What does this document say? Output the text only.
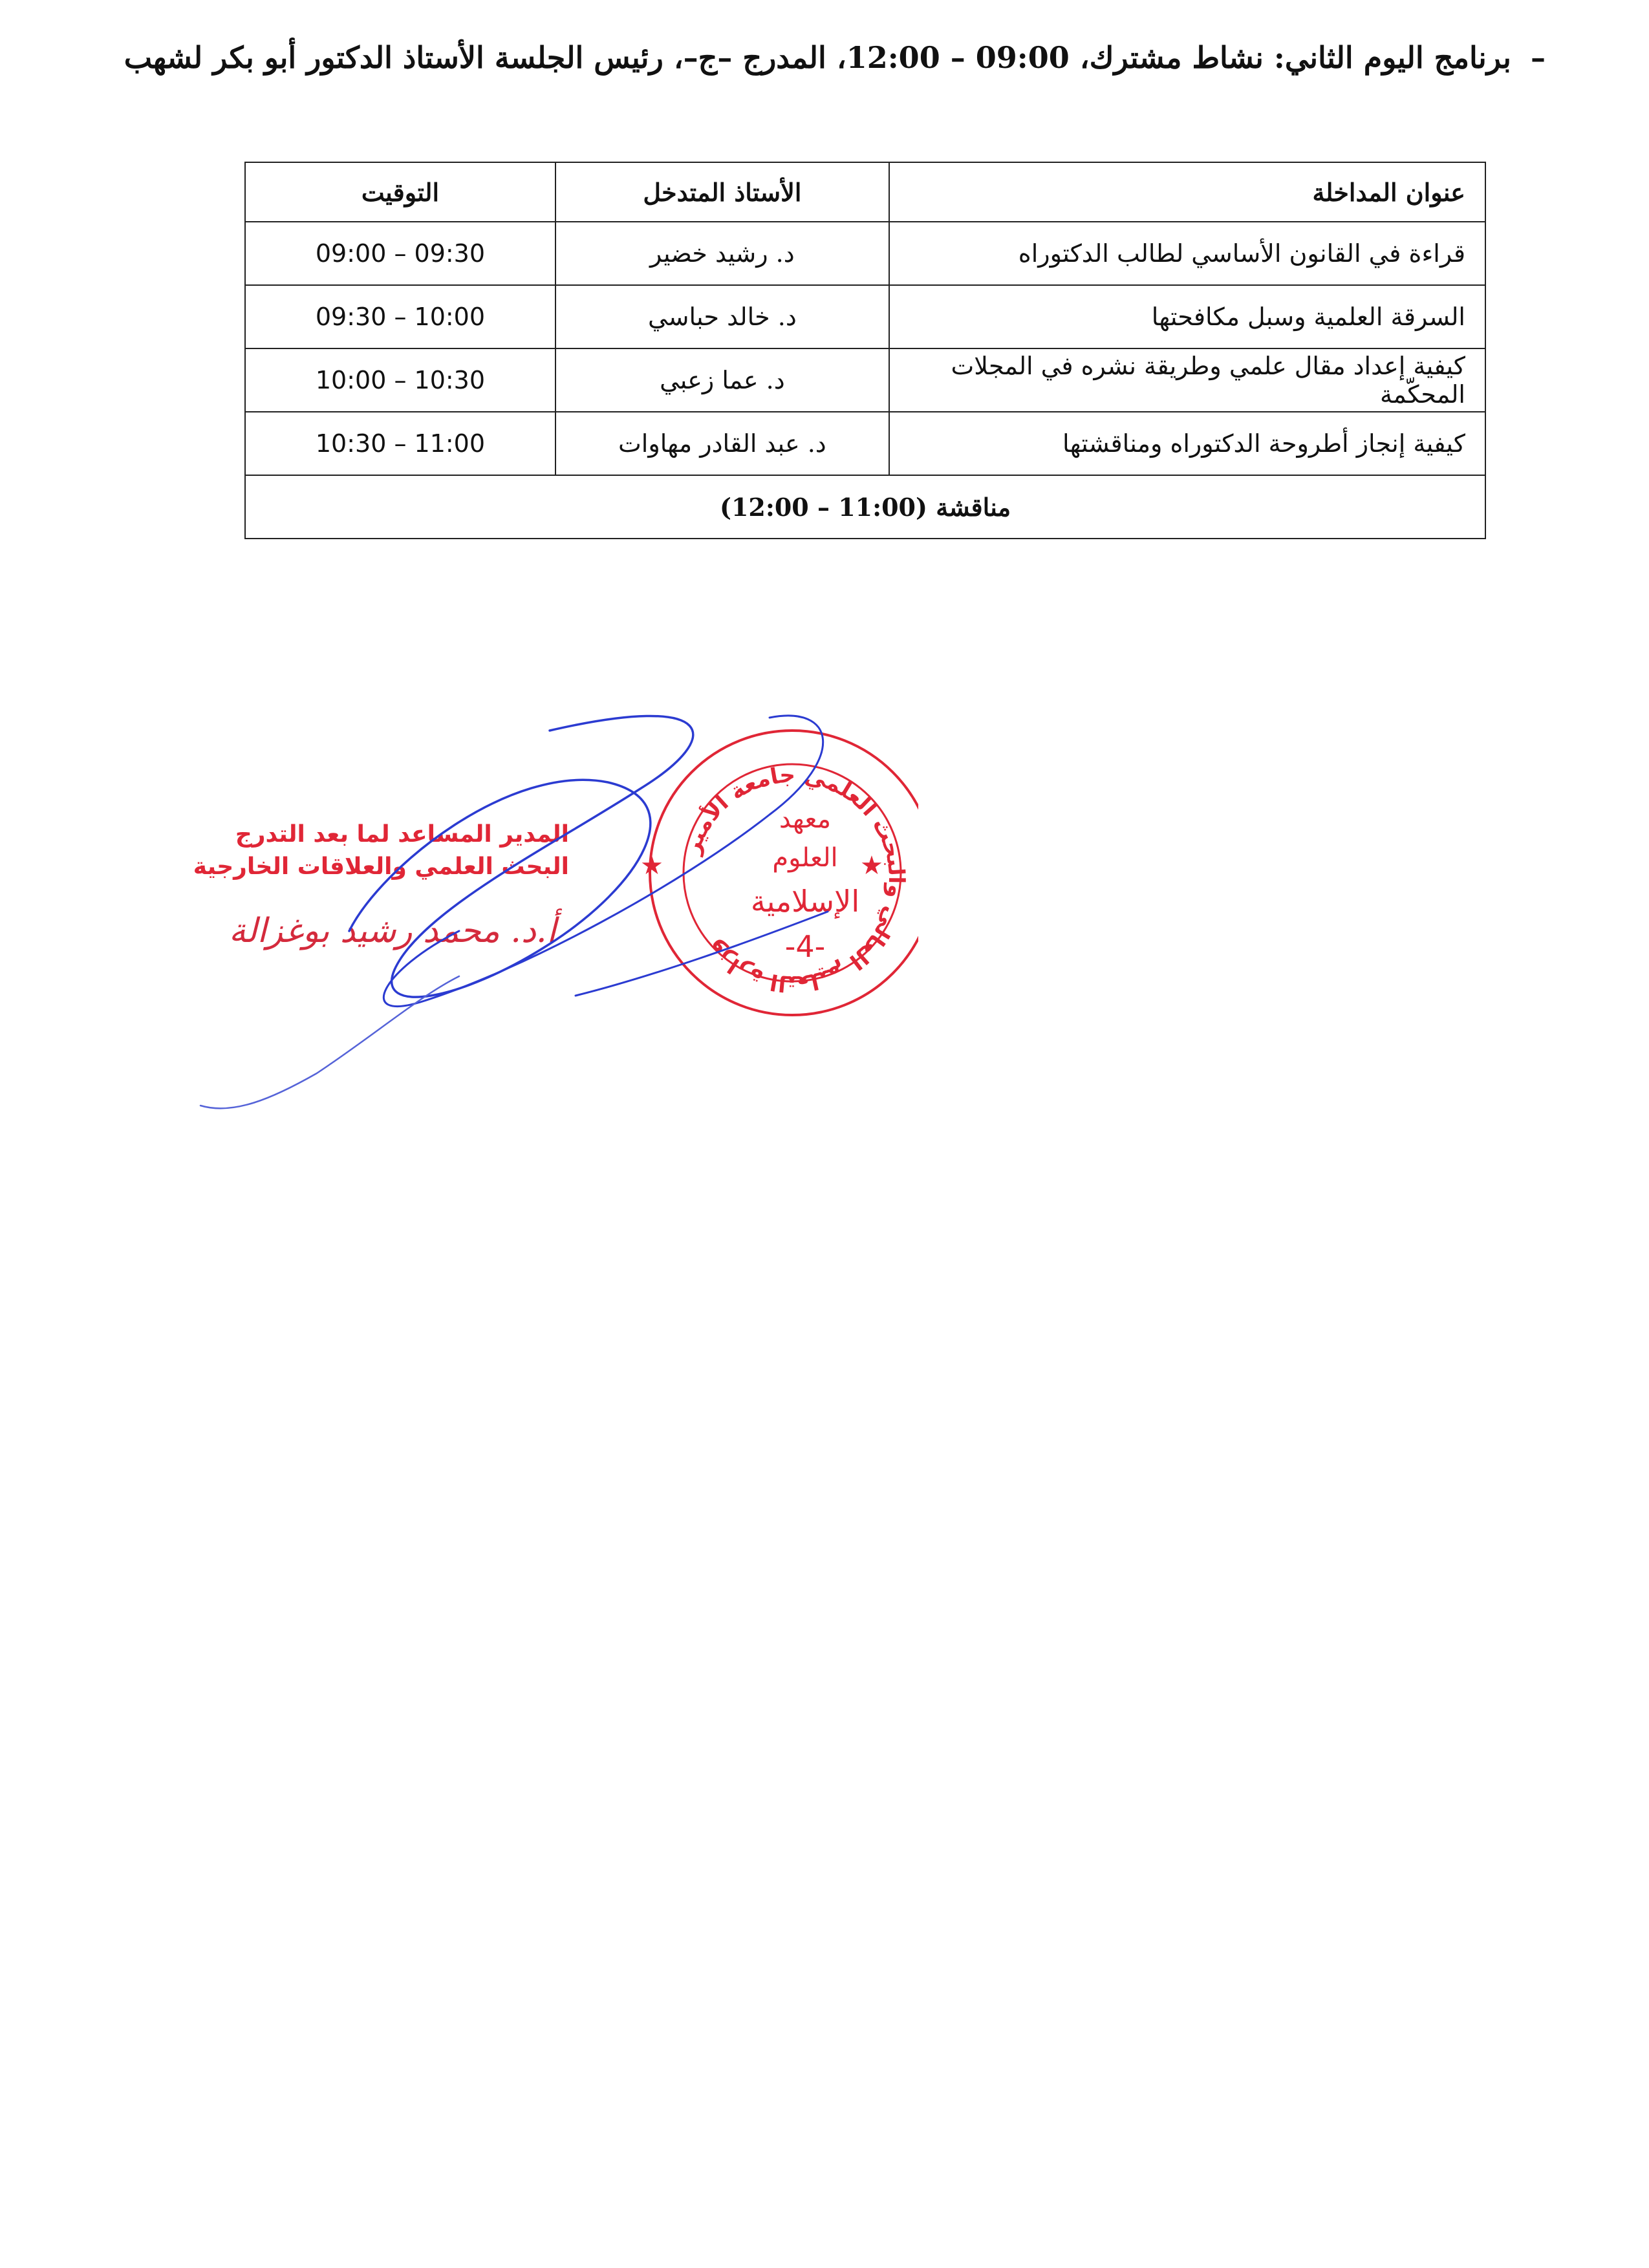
–برنامج اليوم الثاني: نشاط مشترك، 09:00 – 12:00، المدرج –ج–، رئيس الجلسة الأستاذ الدكتور أبو بكر لشهب
عنوان المداخلة	الأستاذ المتدخل	التوقيت
قراءة في القانون الأساسي لطالب الدكتوراه	د. رشيد خضير	09:00 – 09:30
السرقة العلمية وسبل مكافحتها	د. خالد حباسي	09:30 – 10:00
كيفية إعداد مقال علمي وطريقة نشره في المجلات المحكّمة	د. عما زعبي	10:00 – 10:30
كيفية إنجاز أطروحة الدكتوراه ومناقشتها	د. عبد القادر مهاوات	10:30 – 11:00
مناقشة (11:00 – 12:00)		
وزارة التعليم العالي والبحث العلمي جامعة الأمير
معهد
العلوم
الإسلامية
-4-
★
★
المدير المساعد لما بعد التدرج
البحث العلمي والعلاقات الخارجية
أ.د. محمد رشيد بوغزالة
